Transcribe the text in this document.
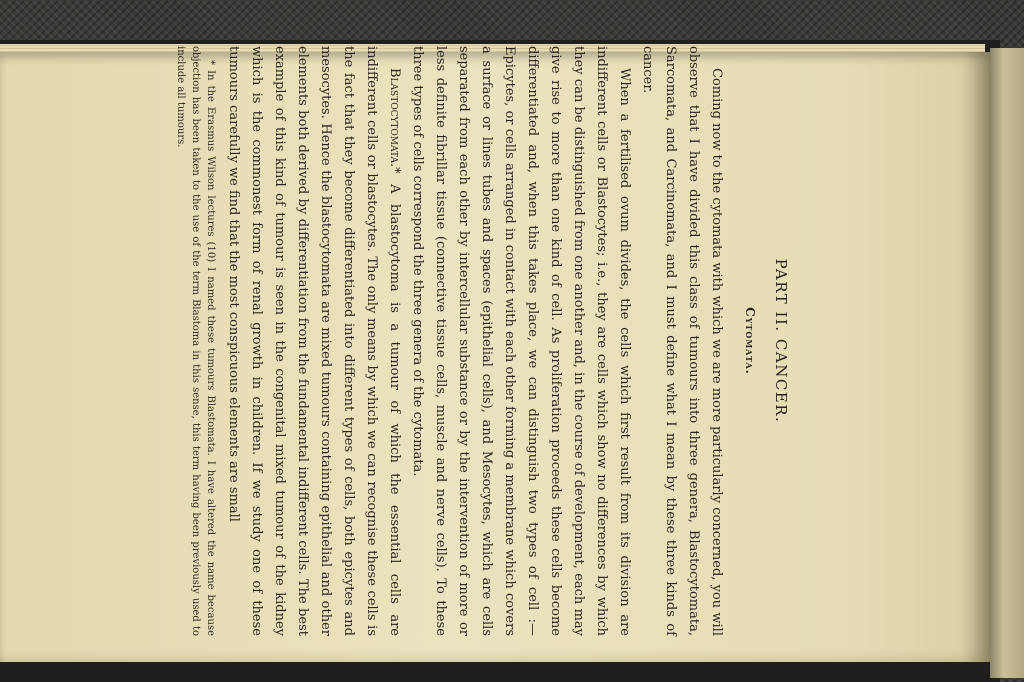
PART II. CANCER.
Cytomata.

Coming now to the cytomata with which we are more particularly concerned, you will observe that I have divided this class of tumours into three genera, Blastocytomata, Sarcomata, and Carcinomata, and I must define what I mean by these three kinds of cancer.

When a fertilised ovum divides, the cells which first result from its division are indifferent cells or Blastocytes; i.e., they are cells which show no differences by which they can be distinguished from one another and, in the course of development, each may give rise to more than one kind of cell. As proliferation proceeds these cells become differentiated and, when this takes place, we can distinguish two types of cell :—Epicytes, or cells arranged in contact with each other forming a membrane which covers a surface or lines tubes and spaces (epithelial cells), and Mesocytes, which are cells separated from each other by intercellular substance or by the intervention of more or less definite fibrillar tissue (connective tissue cells, muscle and nerve cells). To these three types of cells correspond the three genera of the cytomata.

Blastocytomata.* A blastocytoma is a tumour of which the essential cells are indifferent cells or blastocytes. The only means by which we can recognise these cells is the fact that they become differentiated into different types of cells, both epicytes and mesocytes. Hence the blastocytomata are mixed tumours containing epithelial and other elements both derived by differentiation from the fundamental indifferent cells. The best example of this kind of tumour is seen in the congenital mixed tumour of the kidney which is the commonest form of renal growth in children. If we study one of these tumours carefully we find that the most conspicuous elements are small

* In the Erasmus Wilson lectures (10) I named these tumours Blastomata. I have altered the name because objection has been taken to the use of the term Blastoma in this sense, this term having been previously used to include all tumours.
